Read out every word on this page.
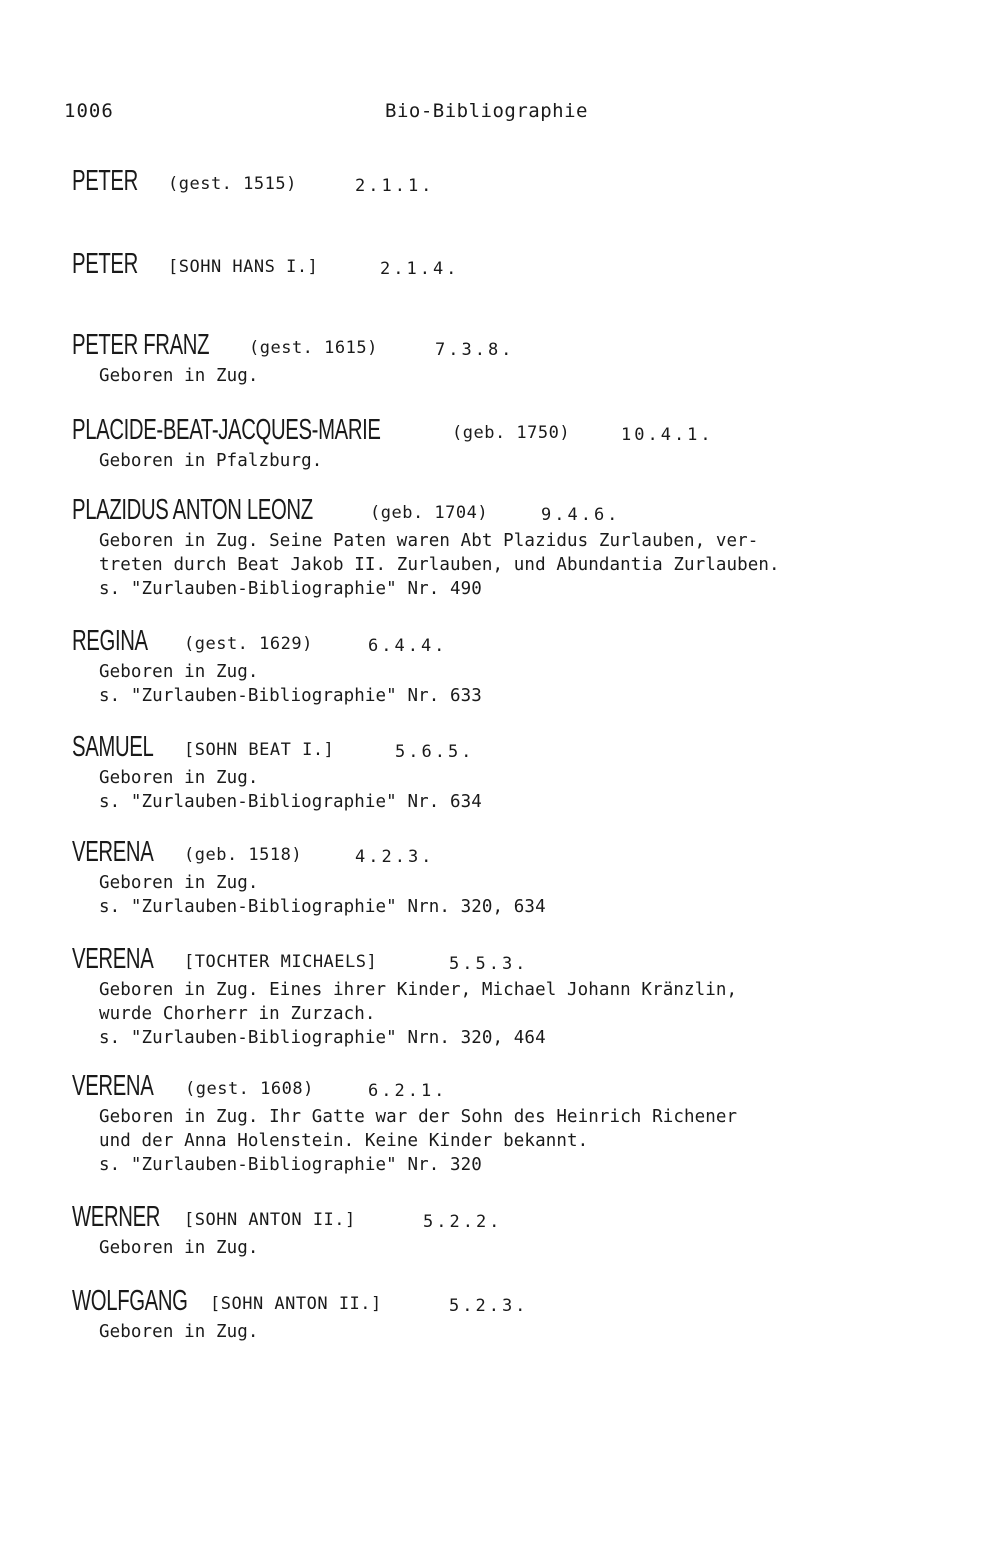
1006	Bio-Bibliographie
PETER (gest. 1515)	2.1.1.
PETER [SOHN HANS I.]	2.1.4.
PETER FRANZ (gest. 1615)	7.3.8.
Geboren in Zug.
PLACIDE-BEAT-JACQUES-MARIE	(geb. 1750)	10.4.1.
Geboren in Pfalzburg.
PLAZIDUS ANTON LEONZ	(geb. 1704)	9.4.6.
Geboren in Zug. Seine Paten waren Abt Plazidus Zurlauben, ver-
treten durch Beat Jakob II. Zurlauben, und Abundantia Zurlauben.
s. "Zurlauben-Bibliographie" Nr. 490
REGINA (gest. 1629)	6.4.4.
Geboren in Zug.
s. "Zurlauben-Bibliographie" Nr. 633
SAMUEL [SOHN BEAT I.]	5.6.5.
Geboren in Zug.
s. "Zurlauben-Bibliographie" Nr. 634
VERENA (geb. 1518)	4.2.3.
Geboren in Zug.
s. "Zurlauben-Bibliographie" Nrn. 320, 634
VERENA [TOCHTER MICHAELS]	5.5.3.
Geboren in Zug. Eines ihrer Kinder, Michael Johann Kränzlin,
wurde Chorherr in Zurzach.
s. "Zurlauben-Bibliographie" Nrn. 320, 464
VERENA (gest. 1608)	6.2.1.
Geboren in Zug. Ihr Gatte war der Sohn des Heinrich Richener
und der Anna Holenstein. Keine Kinder bekannt.
s. "Zurlauben-Bibliographie" Nr. 320
WERNER [SOHN ANTON II.]	5.2.2.
Geboren in Zug.
WOLFGANG [SOHN ANTON II.]	5.2.3.
Geboren in Zug.
